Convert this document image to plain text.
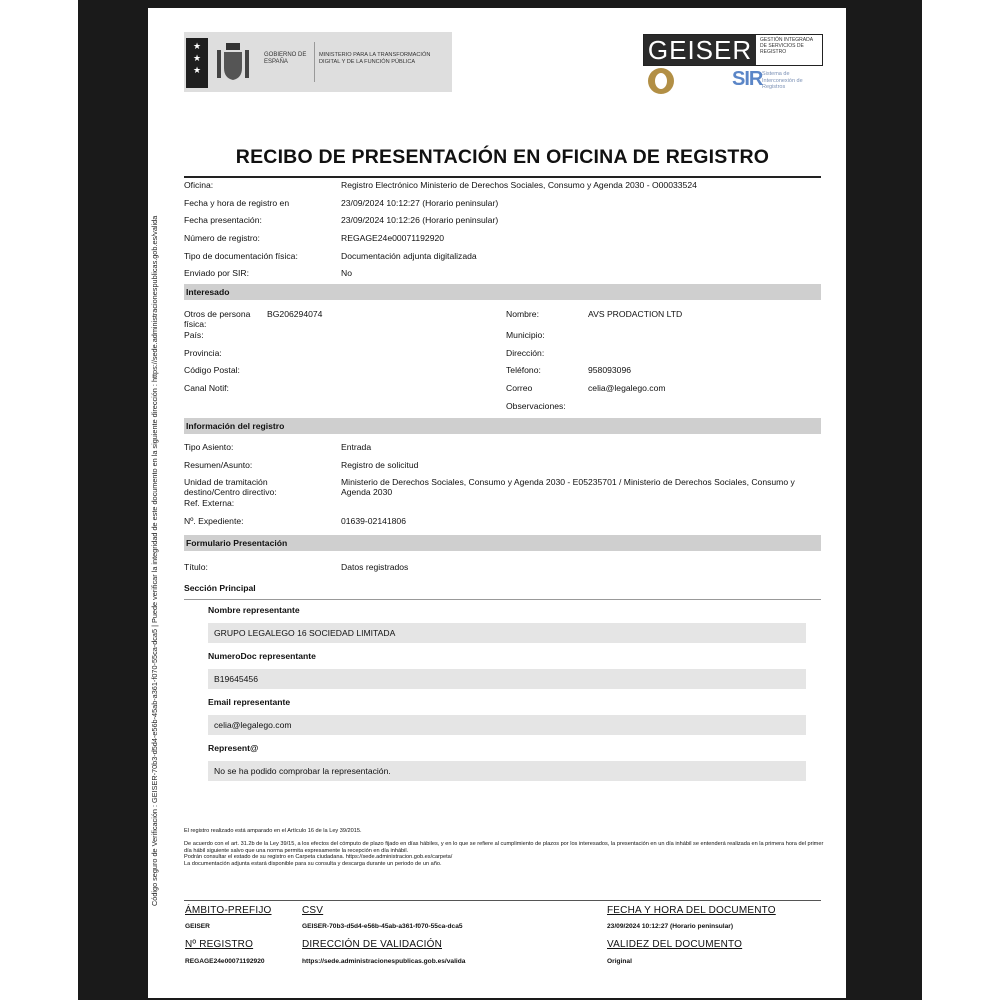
Código seguro de Verificación : GEISER-70b3-d5d4-e56b-45ab-a361-f070-55ca-dca5 | Puede verificar la integridad de este documento en la siguiente dirección : https://sede.administracionespublicas.gob.es/valida
★
★
★
GOBIERNO DE ESPAÑA
MINISTERIO PARA LA TRANSFORMACIÓN DIGITAL Y DE LA FUNCIÓN PÚBLICA	GEISER	GESTIÓN INTEGRADA DE SERVICIOS DE REGISTRO
SIR Sistema de Interconexión de Registros
RECIBO DE PRESENTACIÓN EN OFICINA DE REGISTRO
Oficina:	Registro Electrónico Ministerio de Derechos Sociales, Consumo y Agenda 2030 - O00033524
Fecha y hora de registro en	23/09/2024 10:12:27 (Horario peninsular)
Fecha presentación:	23/09/2024 10:12:26 (Horario peninsular)
Número de registro:	REGAGE24e00071192920
Tipo de documentación física:	Documentación adjunta digitalizada
Enviado por SIR:	No
Interesado
Otros de persona física:
BG206294074
País:
Provincia:
Código Postal:
Canal Notif:
Nombre:	AVS PRODACTION LTD
Municipio:
Dirección:
Teléfono:	958093096
Correo	celia@legalego.com
Observaciones:
Información del registro
Tipo Asiento:	Entrada
Resumen/Asunto:	Registro de solicitud
Unidad de tramitación destino/Centro directivo:
Ministerio de Derechos Sociales, Consumo y Agenda 2030 - E05235701 / Ministerio de Derechos Sociales, Consumo y Agenda 2030
Ref. Externa:
Nº. Expediente:	01639-02141806
Formulario Presentación
Título:	Datos registrados
Sección Principal
Nombre representante
GRUPO LEGALEGO 16 SOCIEDAD LIMITADA
NumeroDoc representante
B19645456
Email representante
celia@legalego.com
Represent@
No se ha podido comprobar la representación.
El registro realizado está amparado en el Artículo 16 de la Ley 39/2015.
De acuerdo con el art. 31.2b de la Ley 39/15, a los efectos del cómputo de plazo fijado en días hábiles, y en lo que se refiere al cumplimiento de plazos por los interesados, la presentación en un día inhábil se entenderá realizada en la primera hora del primer día hábil siguiente salvo que una norma permita expresamente la recepción en día inhábil.
Podrán consultar el estado de su registro en Carpeta ciudadana. https://sede.administracion.gob.es/carpeta/
La documentación adjunta estará disponible para su consulta y descarga durante un periodo de un año.
ÁMBITO-PREFIJO
GEISER
CSV
GEISER-70b3-d5d4-e56b-45ab-a361-f070-55ca-dca5
FECHA Y HORA DEL DOCUMENTO
23/09/2024 10:12:27 (Horario peninsular)
Nº REGISTRO
REGAGE24e00071192920
DIRECCIÓN DE VALIDACIÓN
https://sede.administracionespublicas.gob.es/valida
VALIDEZ DEL DOCUMENTO
Original
